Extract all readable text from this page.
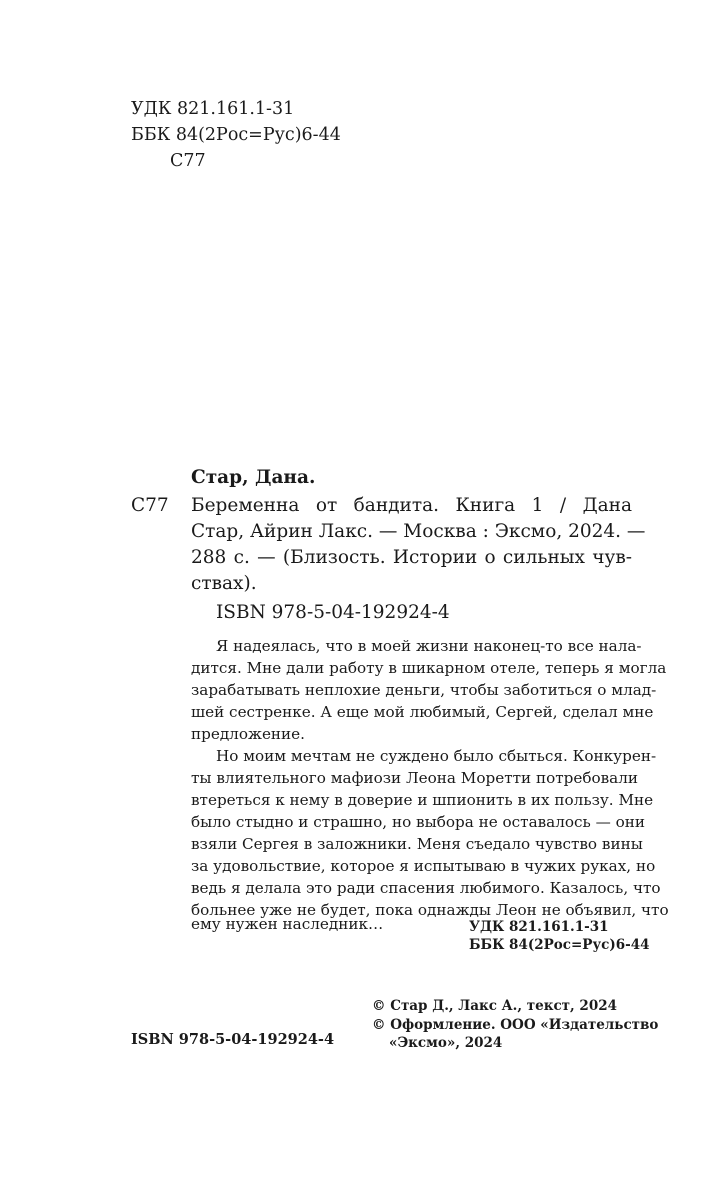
УДК 821.161.1-31
ББК 84(2Рос=Рус)6-44
С77
Стар, Дана.
С77 Беременна от бандита. Книга 1 / Дана
Стар, Айрин Лакс. — Москва : Эксмо, 2024. —
288 с. — (Близость. Истории о сильных чув-
ствах).
ISBN 978-5-04-192924-4
Я надеялась, что в моей жизни наконец-то все нала-
дится. Мне дали работу в шикарном отеле, теперь я могла
зарабатывать неплохие деньги, чтобы заботиться о млад-
шей сестренке. А еще мой любимый, Сергей, сделал мне
предложение.
Но моим мечтам не суждено было сбыться. Конкурен-
ты влиятельного мафиози Леона Моретти потребовали
втереться к нему в доверие и шпионить в их пользу. Мне
было стыдно и страшно, но выбора не оставалось — они
взяли Сергея в заложники. Меня съедало чувство вины
за удовольствие, которое я испытываю в чужих руках, но
ведь я делала это ради спасения любимого. Казалось, что
больнее уже не будет, пока однажды Леон не объявил, что
ему нужен наследник…	УДК 821.161.1-31
ББК 84(2Рос=Рус)6-44
© Стар Д., Лакс А., текст, 2024
© Оформление. ООО «Издательство
«Эксмо», 2024
ISBN 978-5-04-192924-4
